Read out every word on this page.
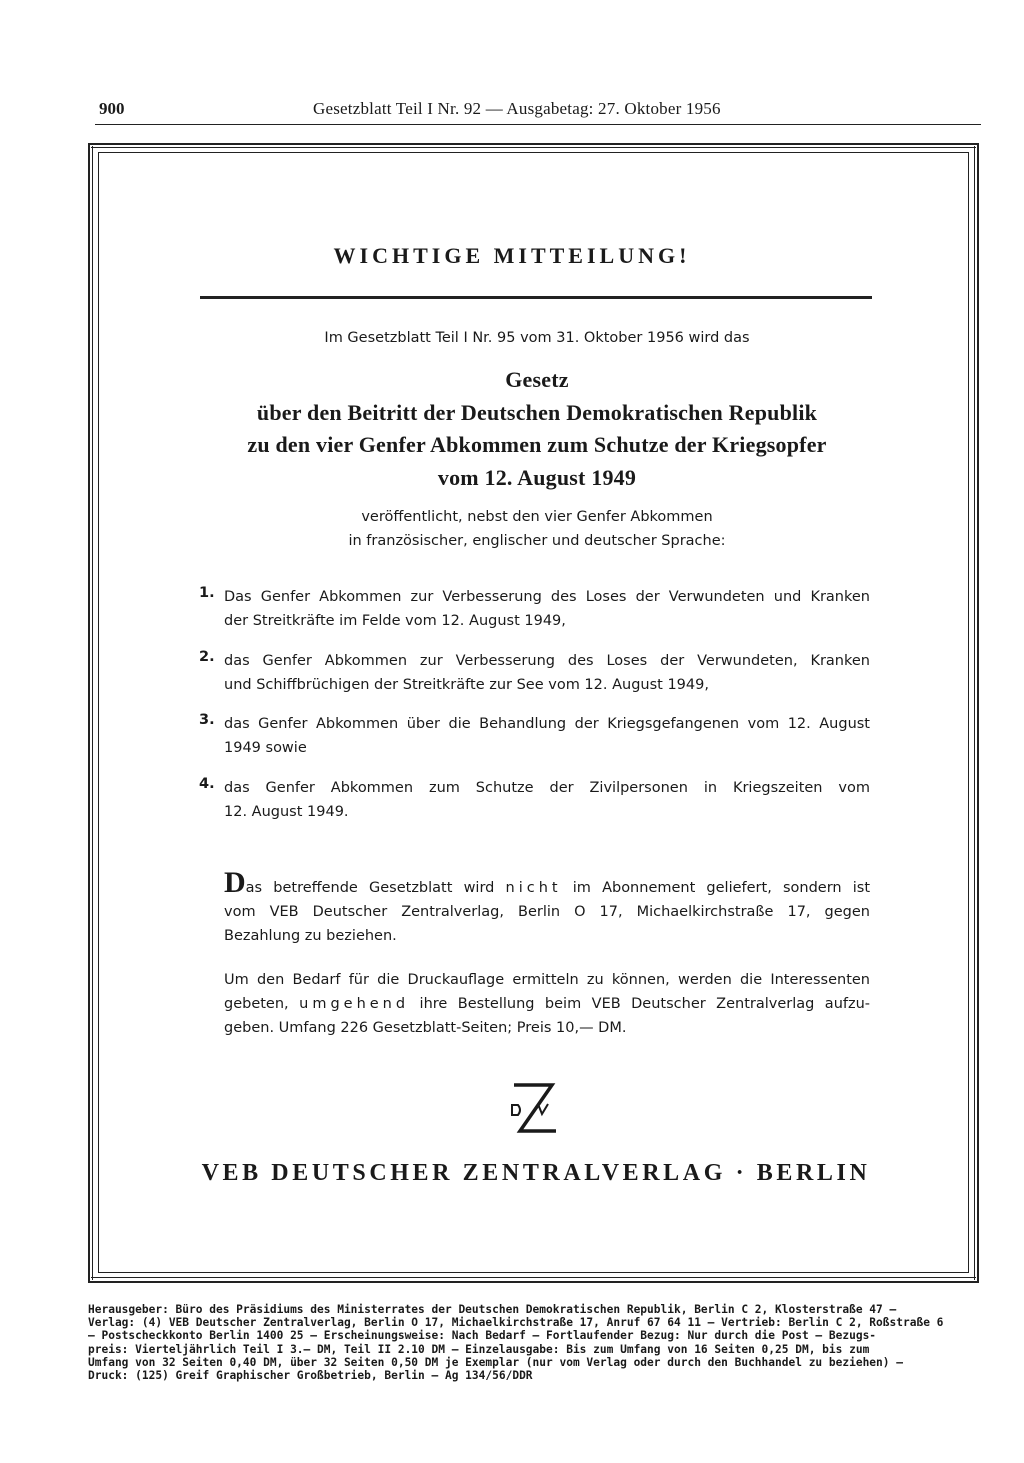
900	Gesetzblatt Teil I Nr. 92 — Ausgabetag: 27. Oktober 1956
WICHTIGE MITTEILUNG!
Im Gesetzblatt Teil I Nr. 95 vom 31. Oktober 1956 wird das
Gesetz
über den Beitritt der Deutschen Demokratischen Republik
zu den vier Genfer Abkommen zum Schutze der Kriegsopfer
vom 12. August 1949
veröffentlicht, nebst den vier Genfer Abkommen
in französischer, englischer und deutscher Sprache:
1. Das Genfer Abkommen zur Verbesserung des Loses der Verwundeten und Kranken
der Streitkräfte im Felde vom 12. August 1949,
2. das Genfer Abkommen zur Verbesserung des Loses der Verwundeten, Kranken
und Schiffbrüchigen der Streitkräfte zur See vom 12. August 1949,
3. das Genfer Abkommen über die Behandlung der Kriegsgefangenen vom 12. August
1949 sowie
4. das Genfer Abkommen zum Schutze der Zivilpersonen in Kriegszeiten vom
12. August 1949.
Das betreffende Gesetzblatt wird nicht im Abonnement geliefert, sondern ist
vom VEB Deutscher Zentralverlag, Berlin O 17, Michaelkirchstraße 17, gegen
Bezahlung zu beziehen.
Um den Bedarf für die Druckauflage ermitteln zu können, werden die Interessenten
gebeten, umgehend ihre Bestellung beim VEB Deutscher Zentralverlag aufzu-
geben. Umfang 226 Gesetzblatt-Seiten; Preis 10,— DM.
VEB DEUTSCHER ZENTRALVERLAG · BERLIN
Herausgeber: Büro des Präsidiums des Ministerrates der Deutschen Demokratischen Republik, Berlin C 2, Klosterstraße 47 —
Verlag: (4) VEB Deutscher Zentralverlag, Berlin O 17, Michaelkirchstraße 17, Anruf 67 64 11 — Vertrieb: Berlin C 2, Roßstraße 6
— Postscheckkonto Berlin 1400 25 — Erscheinungsweise: Nach Bedarf — Fortlaufender Bezug: Nur durch die Post — Bezugs-
preis: Vierteljährlich Teil I 3.— DM, Teil II 2.10 DM — Einzelausgabe: Bis zum Umfang von 16 Seiten 0,25 DM, bis zum
Umfang von 32 Seiten 0,40 DM, über 32 Seiten 0,50 DM je Exemplar (nur vom Verlag oder durch den Buchhandel zu beziehen) —
Druck: (125) Greif Graphischer Großbetrieb, Berlin — Ag 134/56/DDR
